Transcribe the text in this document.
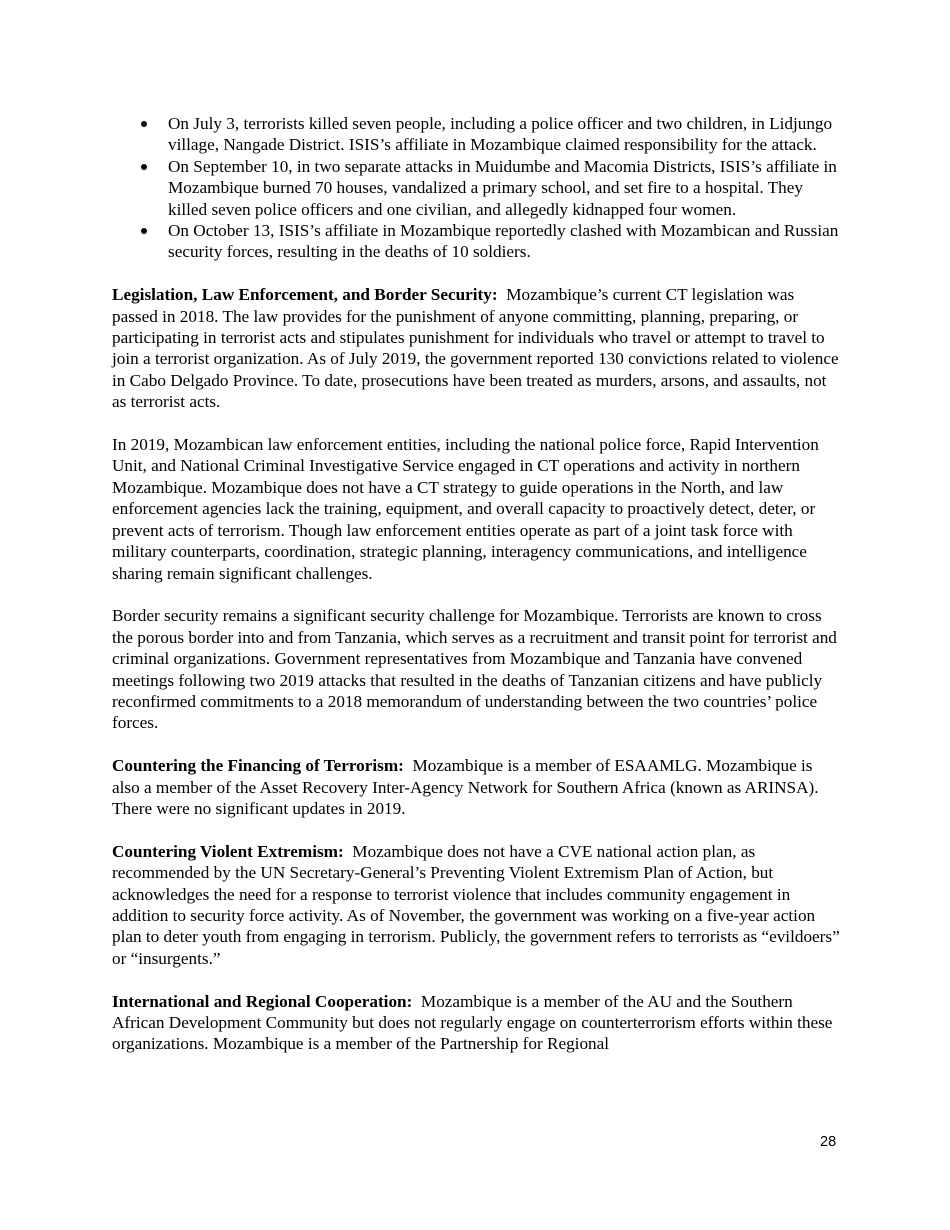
On July 3, terrorists killed seven people, including a police officer and two children, in Lidjungo village, Nangade District. ISIS’s affiliate in Mozambique claimed responsibility for the attack.
On September 10, in two separate attacks in Muidumbe and Macomia Districts, ISIS’s affiliate in Mozambique burned 70 houses, vandalized a primary school, and set fire to a hospital. They killed seven police officers and one civilian, and allegedly kidnapped four women.
On October 13, ISIS’s affiliate in Mozambique reportedly clashed with Mozambican and Russian security forces, resulting in the deaths of 10 soldiers.

Legislation, Law Enforcement, and Border Security: Mozambique’s current CT legislation was passed in 2018. The law provides for the punishment of anyone committing, planning, preparing, or participating in terrorist acts and stipulates punishment for individuals who travel or attempt to travel to join a terrorist organization. As of July 2019, the government reported 130 convictions related to violence in Cabo Delgado Province. To date, prosecutions have been treated as murders, arsons, and assaults, not as terrorist acts.

In 2019, Mozambican law enforcement entities, including the national police force, Rapid Intervention Unit, and National Criminal Investigative Service engaged in CT operations and activity in northern Mozambique. Mozambique does not have a CT strategy to guide operations in the North, and law enforcement agencies lack the training, equipment, and overall capacity to proactively detect, deter, or prevent acts of terrorism. Though law enforcement entities operate as part of a joint task force with military counterparts, coordination, strategic planning, interagency communications, and intelligence sharing remain significant challenges.

Border security remains a significant security challenge for Mozambique. Terrorists are known to cross the porous border into and from Tanzania, which serves as a recruitment and transit point for terrorist and criminal organizations. Government representatives from Mozambique and Tanzania have convened meetings following two 2019 attacks that resulted in the deaths of Tanzanian citizens and have publicly reconfirmed commitments to a 2018 memorandum of understanding between the two countries’ police forces.

Countering the Financing of Terrorism: Mozambique is a member of ESAAMLG. Mozambique is also a member of the Asset Recovery Inter-Agency Network for Southern Africa (known as ARINSA). There were no significant updates in 2019.

Countering Violent Extremism: Mozambique does not have a CVE national action plan, as recommended by the UN Secretary-General’s Preventing Violent Extremism Plan of Action, but acknowledges the need for a response to terrorist violence that includes community engagement in addition to security force activity. As of November, the government was working on a five-year action plan to deter youth from engaging in terrorism. Publicly, the government refers to terrorists as “evildoers” or “insurgents.”

International and Regional Cooperation: Mozambique is a member of the AU and the Southern African Development Community but does not regularly engage on counterterrorism efforts within these organizations. Mozambique is a member of the Partnership for Regional

28
